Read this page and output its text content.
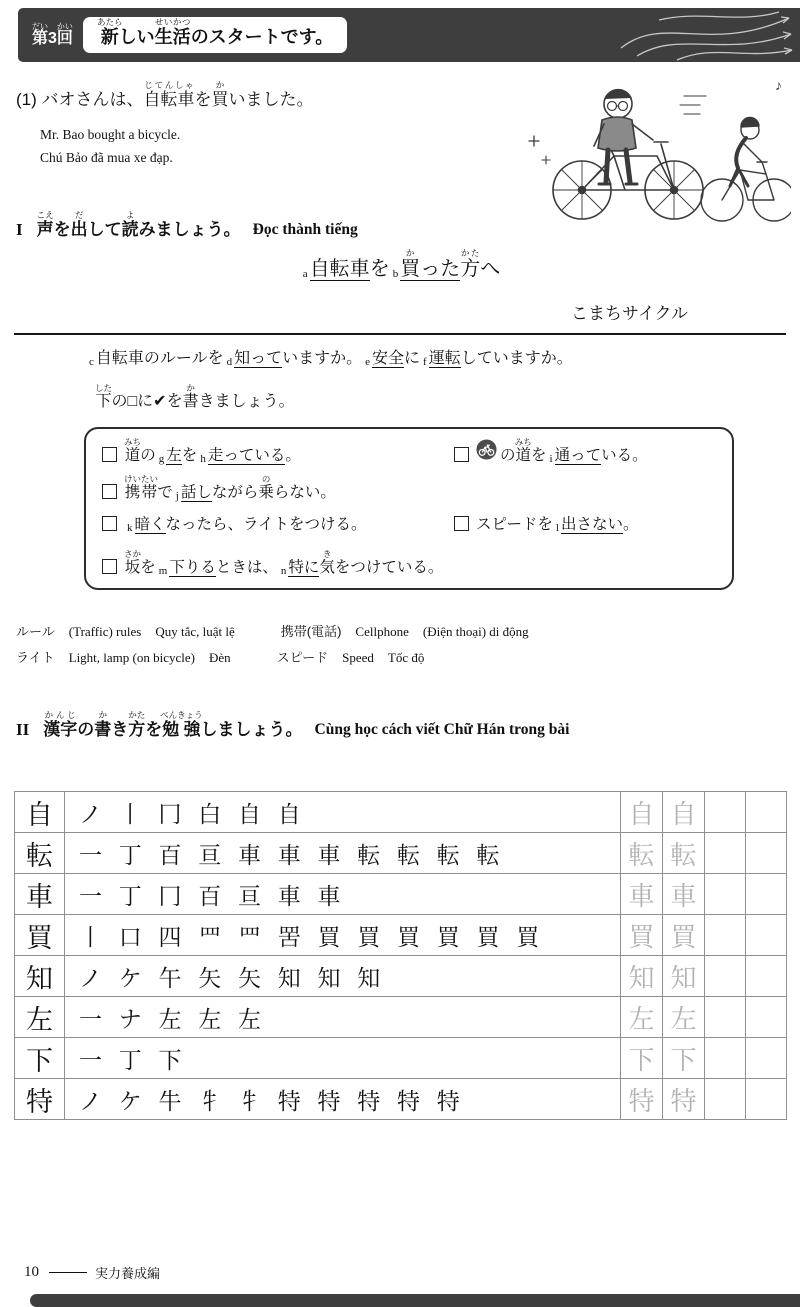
第だい3回かい
新あたらしい生活せいかつのスタートです。
(1) バオさんは、自転車じてんしゃを買かいました。
Mr. Bao bought a bicycle.
Chú Bảo đã mua xe đạp.
♪
I 声こえを出だして読よみましょう。 Đọc thành tiếng
a 自転車を b 買かった方かたへ
こまちサイクル
c 自転車のルールを d 知っていますか。 e 安全に f 運転していますか。
下したの□に✔を書かきましょう。
道みちの g 左を h 走っている。	の道みちを i 通っている。
携帯けいたいで j 話しながら乗のらない。
k 暗くなったら、ライトをつける。	スピードを l 出さない。
坂さかを m 下りるときは、 n 特に気きをつけている。
ルール (Traffic) rules Quy tắc, luật lệ	携帯(電話) Cellphone (Điện thoại) di động
ライト Light, lamp (on bicycle) Đèn	スピード Speed Tốc độ
II 漢字かんじの書かき方かたを勉強べんきょうしましょう。 Cùng học cách viết Chữ Hán trong bài
自	ノ 丨 冂 白 自 自	自	自		
転	一 丁 百 亘 車 車 車 転 転 転 転	転	転		
車	一 丁 冂 百 亘 車 車	車	車		
買	丨 口 四 罒 罒 罟 買 買 買 買 買 買	買	買		
知	ノ ケ 午 矢 矢 知 知 知	知	知		
左	一 ナ 左 左 左	左	左		
下	一 丁 下	下	下		
特	ノ ケ 牛 牜 牜 特 特 特 特 特	特	特		
10	実力養成編
